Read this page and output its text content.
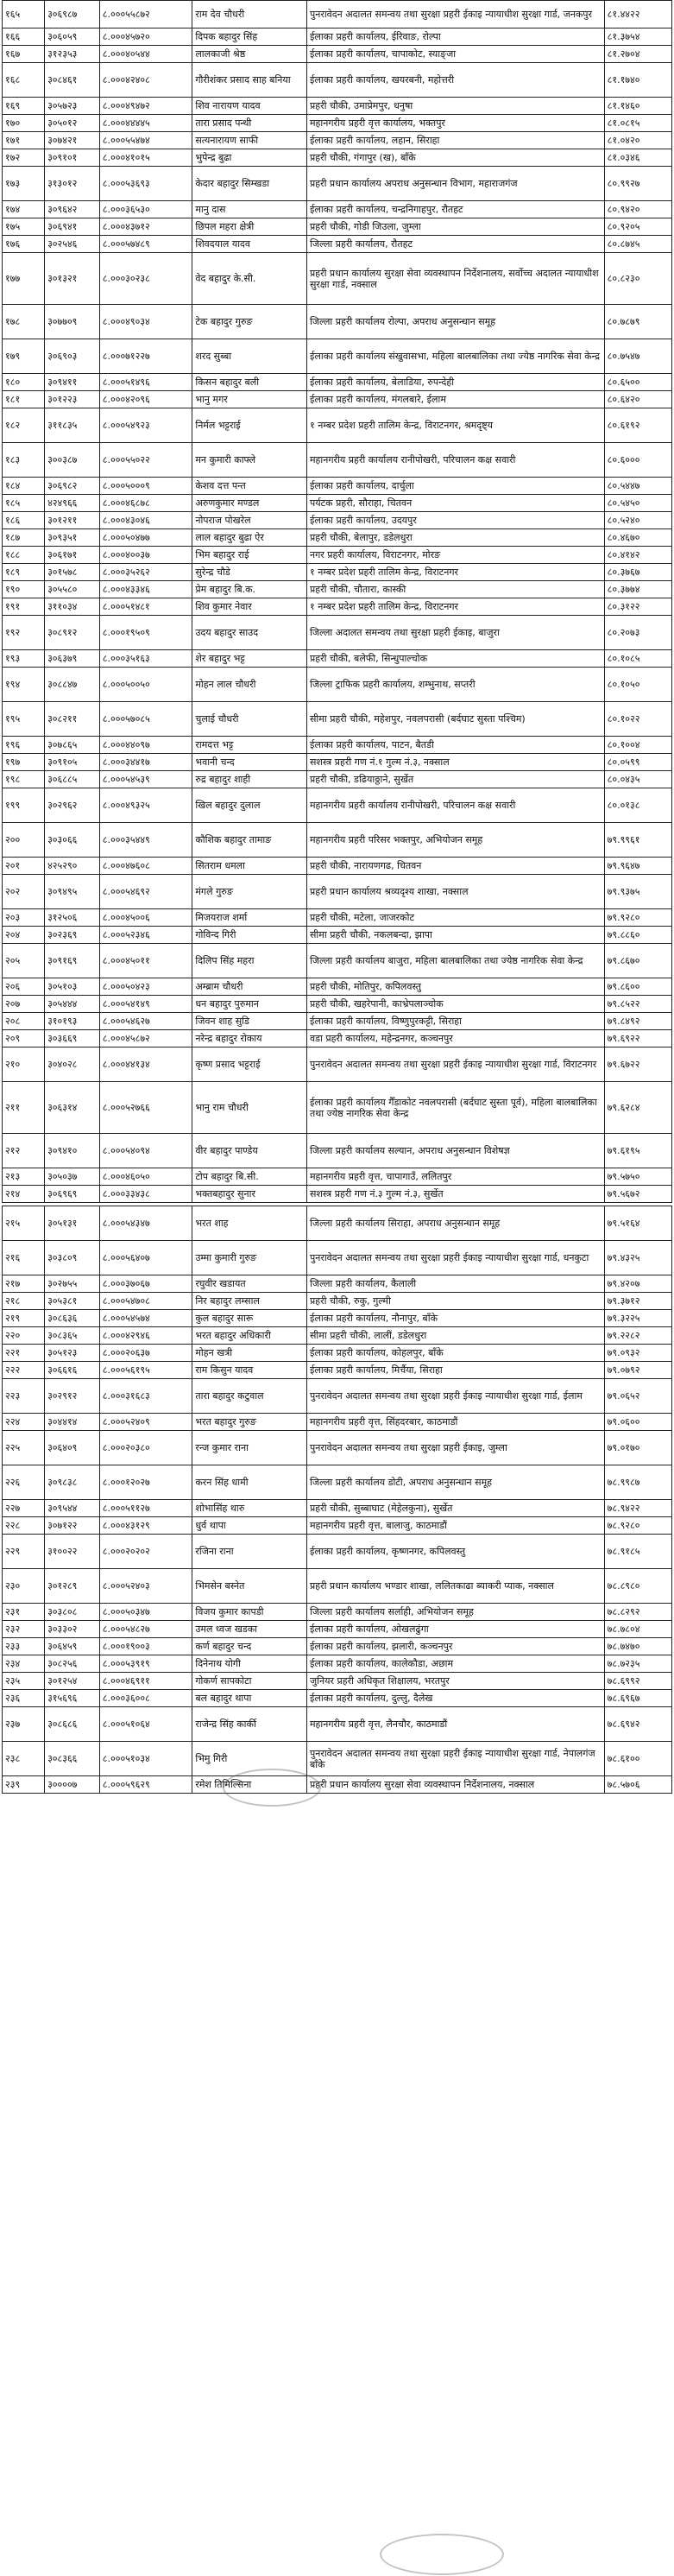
१६५	३०६९८७	८.०००५५८७२	राम देव चौधरी	पुनरावेदन अदालत समन्वय तथा सुरक्षा प्रहरी ईकाइ न्यायाधीश सुरक्षा गार्ड, जनकपुर	८१.४४२२
१६६	३०६०५९	८.०००४५७२०	दिपक बहादुर सिंह	ईलाका प्रहरी कार्यालय, ईरिवाङ, रोल्पा	८१.३७५४
१६७	३१२३५३	८.०००४०५४४	लालकाजी श्रेष्ठ	ईलाका प्रहरी कार्यालय, चापाकोट, स्याङ्जा	८१.२७०४
१६८	३०८४६१	८.०००४२४०८	गौरीशंकर प्रसाद साह बनिया	ईलाका प्रहरी कार्यालय, खयरबनी, महोत्तरी	८१.१७४०
१६९	३०५७२३	८.०००४९४७२	शिव नारायण यादव	प्रहरी चौकी, उमाप्रेमपुर, धनुषा	८१.१४६०
१७०	३०५०१२	८.०००४४४४५	तारा प्रसाद पन्थी	महानगरीय प्रहरी वृत्त कार्यालय, भक्तपुर	८१.०८१५
१७१	३०७४२१	८.०००५५४७४	सत्यनारायण साफी	ईलाका प्रहरी कार्यालय, लहान, सिराहा	८१.०४२०
१७२	३०९१०१	८.०००४१०१५	भुपेन्द्र बुढा	प्रहरी चौकी, गंगापुर (ख), बाँके	८१.०३४६
१७३	३१३०१२	८.०००५३६९३	केदार बहादुर सिम्खडा	प्रहरी प्रधान कार्यालय अपराध अनुसन्धान विभाग, महाराजगंज	८०.९९२७
१७४	३०९६४२	८.०००३६५३०	मानु दास	ईलाका प्रहरी कार्यालय, चन्द्रनिगाहपुर, रौतहट	८०.९४२०
१७५	३०६९४१	८.०००४३७१२	छिपल महरा क्षेत्री	प्रहरी चौकी, गोडी जिउला, जुम्ला	८०.९२०५
१७६	३०२५४६	८.०००५७४८९	शिवदयाल यादव	जिल्ला प्रहरी कार्यालय, रौतहट	८०.८७४५
१७७	३०१३२१	८.०००३०२३८	वेद बहादुर के.सी.	प्रहरी प्रधान कार्यालय सुरक्षा सेवा व्यवस्थापन निर्देशनालय, सर्वोच्च अदालत न्यायाधीश सुरक्षा गार्ड, नक्साल	८०.८२३०
१७८	३०७७०९	८.०००४९०३४	टेक बहादुर गुरुङ	जिल्ला प्रहरी कार्यालय रोल्पा, अपराध अनुसन्धान समूह	८०.७८७९
१७९	३०६९०३	८.०००७१२२७	शरद सुब्बा	ईलाका प्रहरी कार्यालय संखुवासभा, महिला बालबालिका तथा ज्येष्ठ नागरिक सेवा केन्द्र	८०.७५४७
१८०	३०९४११	८.०००५१४९६	किसन बहादुर बली	ईलाका प्रहरी कार्यालय, बेलाडिया, रुपन्देही	८०.६५००
१८१	३०१२२३	८.०००४२०९६	भानु मगर	ईलाका प्रहरी कार्यालय, मंगलबारे, ईलाम	८०.६४२०
१८२	३११८३५	८.०००५४९२३	निर्मल भट्टराई	१ नम्बर प्रदेश प्रहरी तालिम केन्द्र, विराटनगर, श्रमदृष्ट्य	८०.६१९२
१८३	३००३८७	८.०००५५०२२	मन कुमारी काफ्ले	महानगरीय प्रहरी कार्यालय रानीपोखरी, परिचालन कक्ष सवारी	८०.६०००
१८४	३०६९८२	८.०००५०००९	केशव दत्त पन्त	ईलाका प्रहरी कार्यालय, दार्चुला	८०.५४४७
१८५	४२४९६६	८.०००४६८७८	अरुणकुमार मण्डल	पर्यटक प्रहरी, सौराहा, चितवन	८०.५४५०
१८६	३०१२११	८.०००४३०४६	नोपराज पोखरेल	ईलाका प्रहरी कार्यालय, उदयपुर	८०.५२४०
१८७	३०९३५१	८.०००५०४७७	लाल बहादुर बुढा ऐर	प्रहरी चौकी, बेलापुर, डडेलधुरा	८०.४६७०
१८८	३०६१७१	८.०००४००३७	भिम बहादुर राई	नगर प्रहरी कार्यालय, विराटनगर, मोरङ	८०.४१४२
१८९	३०१५७८	८.०००३५२६२	सुरेन्द्र चौडे	१ नम्बर प्रदेश प्रहरी तालिम केन्द्र, विराटनगर	८०.३७६७
१९०	३०५५८०	८.०००४३३४६	प्रेम बहादुर बि.क.	प्रहरी चौकी, चौतारा, कास्की	८०.३७७४
१९१	३११०३४	८.०००५१४८१	शिव कुमार नेवार	१ नम्बर प्रदेश प्रहरी तालिम केन्द्र, विराटनगर	८०.३१२२
१९२	३०८९१२	८.०००१९५०९	उदय बहादुर साउद	जिल्ला अदालत समन्वय तथा सुरक्षा प्रहरी ईकाइ, बाजुरा	८०.२०७३
१९३	३०६३७९	८.०००३५१६३	शेर बहादुर भट्ट	प्रहरी चौकी, बलेफी, सिन्धुपाल्चोक	८०.१०८५
१९४	३०८८४७	८.०००५००५०	मोहन लाल चौधरी	जिल्ला ट्राफिक प्रहरी कार्यालय, शम्भुनाथ, सप्तरी	८०.१०५०
१९५	३०८२११	८.०००५७०८५	चुलाई चौधरी	सीमा प्रहरी चौकी, महेशपुर, नवलपरासी (बर्दघाट सुस्ता पश्चिम)	८०.१०२२
१९६	३०७८६५	८.०००४४०९७	रामदत्त भट्ट	ईलाका प्रहरी कार्यालय, पाटन, बैतडी	८०.१००४
१९७	३०९१०५	८.०००३४४१७	भवानी चन्द	सशस्त्र प्रहरी गण नं.१ गुल्म नं.३, नक्साल	८०.०५९९
१९८	३०६८८५	८.०००५४५३९	रुद्र बहादुर शाही	प्रहरी चौकी, डढियाठ्ठाने, सुर्खेत	८०.०४३५
१९९	३०२९६२	८.०००४९३२५	खिल बहादुर दुलाल	महानगरीय प्रहरी कार्यालय रानीपोखरी, परिचालन कक्ष सवारी	८०.०१३८
२००	३०३०६६	८.०००३५४४९	कौशिक बहादुर तामाङ	महानगरीय प्रहरी परिसर भक्तपुर, अभियोजन समूह	७९.९९६१
२०१	४२५२९०	८.०००४७६०८	सितराम धमला	प्रहरी चौकी, नारायणगढ, चितवन	७९.९६४७
२०२	३०९४९५	८.०००५४६९२	मंगले गुरुङ	प्रहरी प्रधान कार्यालय श्रव्यदृश्य शाखा, नक्साल	७९.९३७५
२०३	३१२५०६	८.०००४५००६	मिजयराज शर्मा	प्रहरी चौकी, मटेला, जाजरकोट	७९.९२८०
२०४	३०२३६९	८.०००५२३४६	गोविन्द गिरी	सीमा प्रहरी चौकी, नकलबन्दा, झापा	७९.८८६०
२०५	३०९१६९	८.०००४५०११	दिलिप सिंह महरा	जिल्ला प्रहरी कार्यालय बाजुरा, महिला बालबालिका तथा ज्येष्ठ नागरिक सेवा केन्द्र	७९.८६७०
२०६	३०५१०३	८.०००५०४२३	अम्ब्राम चौधरी	प्रहरी चौकी, मोतिपुर, कपिलवस्तु	७९.८६००
२०७	३०५४४४	८.०००५४१४९	धन बहादुर पुरुमान	प्रहरी चौकी, खहरेपानी, काभ्रेपलाञ्चोक	७९.८५२२
२०८	३१०१९३	८.०००५४६२७	जिवन शाह सुडि	ईलाका प्रहरी कार्यालय, विष्णुपुरकट्टी, सिराहा	७९.८४९२
२०९	३०३६६९	८.०००४५८७२	नरेन्द्र बहादुर रोकाय	वडा प्रहरी कार्यालय, महेन्द्रनगर, कञ्चनपुर	७९.६९२२
२१०	३०४०२८	८.०००४४१३४	कृष्ण प्रसाद भट्टराई	पुनरावेदन अदालत समन्वय तथा सुरक्षा प्रहरी ईकाइ न्यायाधीश सुरक्षा गार्ड, विराटनगर	७९.६७२२
२११	३०६३१४	८.०००५२७६६	भानु राम चौधरी	ईलाका प्रहरी कार्यालय गैँडाकोट नवलपरासी (बर्दघाट सुस्ता पूर्व), महिला बालबालिका तथा ज्येष्ठ नागरिक सेवा केन्द्र	७९.६२८४
२१२	३०९४१०	८.०००५४०९४	वीर बहादुर पाण्डेय	जिल्ला प्रहरी कार्यालय सल्यान, अपराध अनुसन्धान विशेषज्ञ	७९.६१९५
२१३	३०५०३७	८.०००४६०५०	टोप बहादुर बि.सी.	महानगरीय प्रहरी वृत्त, चापागाउँ, ललितपुर	७९.५७५०
२१४	३०६९६९	८.०००३३४३८	भक्तबहादुर सुनार	सशस्त्र प्रहरी गण नं.३ गुल्म नं.३, सुर्खेत	७९.५६७२

२१५	३०५१३१	८.०००५४३४७	भरत शाह	जिल्ला प्रहरी कार्यालय सिराहा, अपराध अनुसन्धान समूह	७९.५१६४
२१६	३०३८०९	८.०००५६४०७	उम्मा कुमारी गुरुङ	पुनरावेदन अदालत समन्वय तथा सुरक्षा प्रहरी ईकाइ न्यायाधीश सुरक्षा गार्ड, धनकुटा	७९.४३२५
२१७	३०२७५५	८.०००३७०६७	रघुवीर खडायत	जिल्ला प्रहरी कार्यालय, कैलाली	७९.४२०७
२१८	३०५३८१	८.०००५४७०८	निर बहादुर लम्साल	प्रहरी चौकी, रुकु, गुल्मी	७९.३७१२
२१९	३०८६३६	८.०००५४५७४	कुल बहादुर सारू	ईलाका प्रहरी कार्यालय, नौनापुर, बाँके	७९.३२२५
२२०	३०८३६५	८.०००४२९४६	भरत बहादुर अधिकारी	सीमा प्रहरी चौकी, लालीं, डडेलधुरा	७९.२२८२
२२१	३०५१२३	८.०००२०६३७	मोहन खत्री	ईलाका प्रहरी कार्यालय, कोहलपुर, बाँके	७९.०९३२
२२२	३०६६१६	८.०००५६१९५	राम किसुन यादव	ईलाका प्रहरी कार्यालय, मिर्चैया, सिराहा	७९.०७९२
२२३	३०२९१२	८.०००३१६८३	तारा बहादुर कटुवाल	पुनरावेदन अदालत समन्वय तथा सुरक्षा प्रहरी ईकाइ न्यायाधीश सुरक्षा गार्ड, ईलाम	७९.०६५२
२२४	३०४४१४	८.०००५२४०९	भरत बहादुर गुरुङ	महानगरीय प्रहरी वृत्त, सिंहदरबार, काठमाडौं	७९.०६००
२२५	३०६४०९	८.०००२०३८०	रन्ज कुमार राना	पुनरावेदन अदालत समन्वय तथा सुरक्षा प्रहरी ईकाइ, जुम्ला	७९.०१७०
२२६	३०९८३८	८.०००१२०२७	करन सिंह धामी	जिल्ला प्रहरी कार्यालय डोटी, अपराध अनुसन्धान समूह	७८.९९८७
२२७	३०९५४४	८.०००५११२७	शोभासिंह थारु	प्रहरी चौकी, सुब्बाघाट (मेहेलकुना), सुर्खेत	७८.९४२२
२२८	३०७१२२	८.०००४३१२९	धुर्व थापा	महानगरीय प्रहरी वृत्त, बालाजु, काठमाडौं	७८.९२८०
२२९	३१००२२	८.०००२०२०२	रजिना राना	ईलाका प्रहरी कार्यालय, कृष्णनगर, कपिलवस्तु	७८.९१८५
२३०	३०१२८९	८.०००५२४०३	भिमसेन बस्नेत	प्रहरी प्रधान कार्यालय भण्डार शाखा, ललितकाढा ब्याकरी प्याक, नक्साल	७८.८९८०
२३१	३०३८०८	८.०००५०३४७	विजय कुमार कापडी	जिल्ला प्रहरी कार्यालय सर्लाही, अभियोजन समूह	७८.८२९२
२३२	३०३३०२	८.०००५४८२७	उमल ध्वज खडका	ईलाका प्रहरी कार्यालय, ओखलढुंगा	७८.७८०४
२३३	३०६४५९	८.०००१९००३	कर्ण बहादुर चन्द	ईलाका प्रहरी कार्यालय, झलारी, कञ्चनपुर	७८.७४७०
२३४	३०८२५६	८.०००५३९१९	दिनेनाथ योगी	ईलाका प्रहरी कार्यालय, कालेकौडा, अछाम	७८.७२३५
२३५	३०१२५४	८.०००४६९११	गोकर्ण सापकोटा	जुनियर प्रहरी अधिकृत शिक्षालय, भरतपुर	७८.६९९२
२३६	३१५६९६	८.०००३६००८	बल बहादुर थापा	ईलाका प्रहरी कार्यालय, दुल्लु, दैलेख	७८.६९६७
२३७	३०८६८६	८.०००५१०६४	राजेन्द्र सिंह कार्की	महानगरीय प्रहरी वृत्त, लैनचौर, काठमाडौं	७८.६९४२
२३८	३०८३६६	८.०००५१०३४	भिमु गिरी	पुनरावेदन अदालत समन्वय तथा सुरक्षा प्रहरी ईकाइ न्यायाधीश सुरक्षा गार्ड, नेपालगंज बाँके	७८.६१००
२३९	३००००७	८.०००५९६२९	रमेश तिमिल्सिना	प्रहरी प्रधान कार्यालय सुरक्षा सेवा व्यवस्थापन निर्देशनालय, नक्साल	७८.५७०६
